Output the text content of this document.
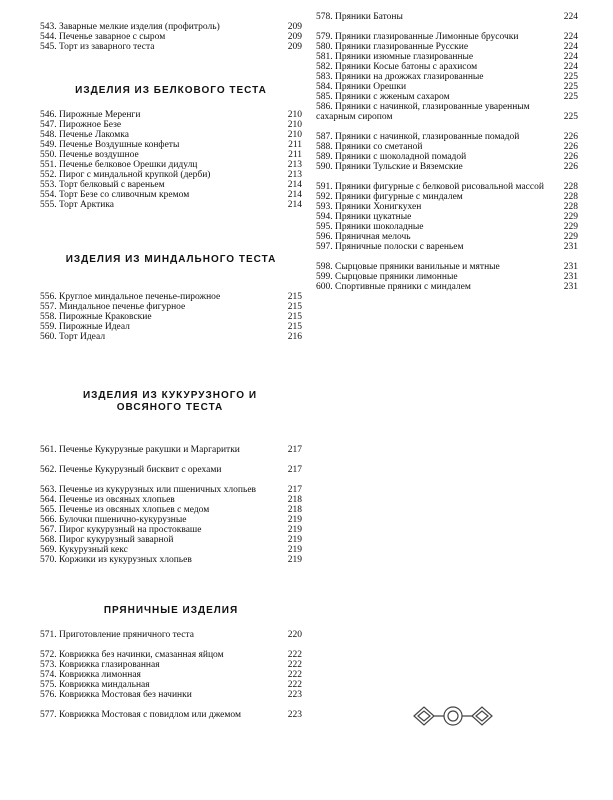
543. Заварные мелкие изделия (профитроль)	209
544. Печенье заварное с сыром	209
545. Торт из заварного теста	209
ИЗДЕЛИЯ ИЗ БЕЛКОВОГО ТЕСТА
546. Пирожные Меренги	210
547. Пирожное Безе	210
548. Печенье Лакомка	210
549. Печенье Воздушные конфеты	211
550. Печенье воздушное	211
551. Печенье белковое Орешки дидулц	213
552. Пирог с миндальной крупкой (дерби)	213
553. Торт белковый с вареньем	214
554. Торт Безе со сливочным кремом	214
555. Торт Арктика	214
ИЗДЕЛИЯ ИЗ МИНДАЛЬНОГО ТЕСТА
556. Круглое миндальное печенье-пирожное	215
557. Миндальное печенье фигурное	215
558. Пирожные Краковские	215
559. Пирожные Идеал	215
560. Торт Идеал	216
ИЗДЕЛИЯ ИЗ КУКУРУЗНОГО И ОВСЯНОГО ТЕСТА
561. Печенье Кукурузные ракушки и Маргаритки	217
562. Печенье Кукурузный бисквит с орехами	217
563. Печенье из кукурузных или пшеничных хлопьев	217
564. Печенье из овсяных хлопьев	218
565. Печенье из овсяных хлопьев с медом	218
566. Булочки пшенично-кукурузные	219
567. Пирог кукурузный на простокваше	219
568. Пирог кукурузный заварной	219
569. Кукурузный кекс	219
570. Коржики из кукурузных хлопьев	219
ПРЯНИЧНЫЕ ИЗДЕЛИЯ
571. Приготовление пряничного теста	220
572. Коврижка без начинки, смазанная яйцом	222
573. Коврижка глазированная	222
574. Коврижка лимонная	222
575. Коврижка миндальная	222
576. Коврижка Мостовая без начинки	223
577. Коврижка Мостовая с повидлом или джемом	223
578. Пряники Батоны	224
579. Пряники глазированные Лимонные брусочки	224
580. Пряники глазированные Русские	224
581. Пряники изюмные глазированные	224
582. Пряники Косые батоны с арахисом	224
583. Пряники на дрожжах глазированные	225
584. Пряники Орешки	225
585. Пряники с жженым сахаром	225
586. Пряники с начинкой, глазированные уваренным сахарным сиропом	225
587. Пряники с начинкой, глазированные помадой	226
588. Пряники со сметаной	226
589. Пряники с шоколадной помадой	226
590. Пряники Тульские и Вяземские	226
591. Пряники фигурные с белковой рисовальной массой	228
592. Пряники фигурные с миндалем	228
593. Пряники Хонигкухен	228
594. Пряники цукатные	229
595. Пряники шоколадные	229
596. Пряничная мелочь	229
597. Пряничные полоски с вареньем	231
598. Сырцовые пряники ванильные и мятные	231
599. Сырцовые пряники лимонные	231
600. Спортивные пряники с миндалем	231
